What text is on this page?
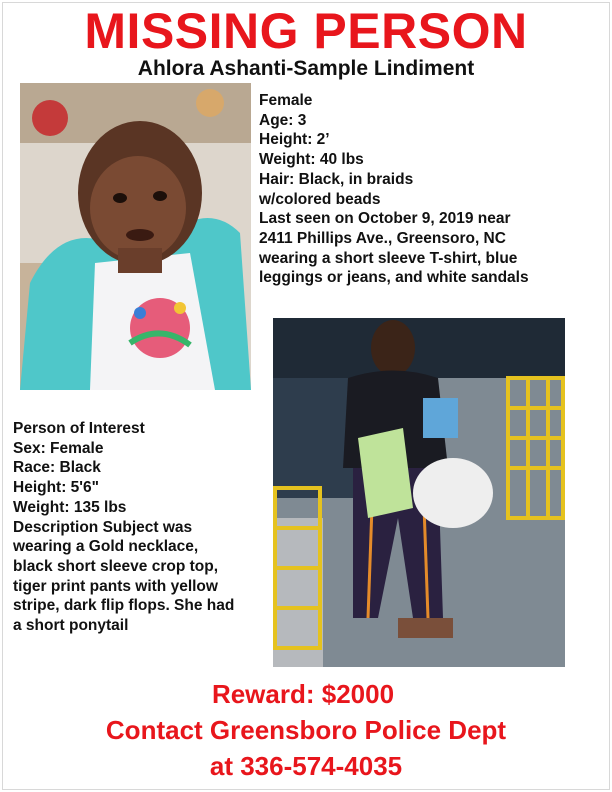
MISSING PERSON
Ahlora Ashanti-Sample Lindiment
Female
Age: 3
Height: 2’
Weight: 40 lbs
Hair: Black, in braids
w/colored beads
Last seen on October 9, 2019 near
2411 Phillips Ave., Greensoro, NC
wearing a short sleeve T-shirt, blue
leggings or jeans, and white sandals
Person of Interest
Sex: Female
Race: Black
Height: 5'6"
Weight: 135 lbs
Description Subject was
wearing a Gold necklace,
black short sleeve crop top,
tiger print pants with yellow
stripe, dark flip flops. She had
a short ponytail
Reward: $2000
Contact Greensboro Police Dept
at 336-574-4035
